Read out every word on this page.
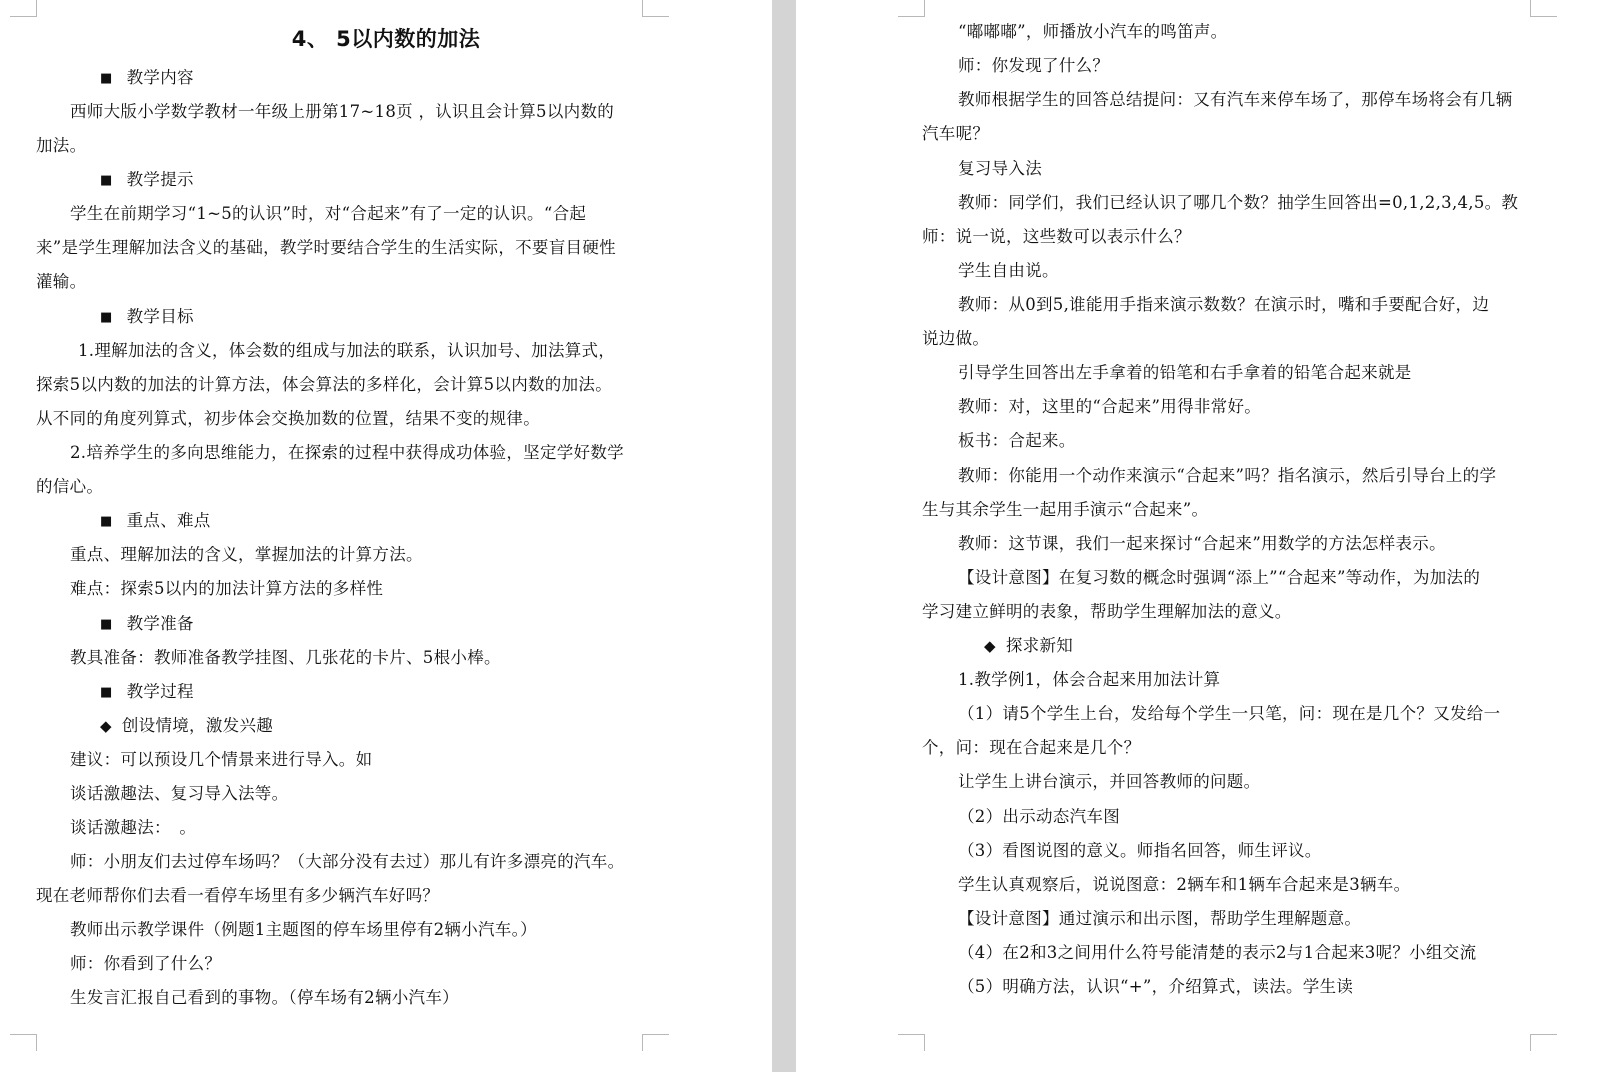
4、 5以内数的加法
■ 教学内容
西师大版小学数学教材一年级上册第17~18页 ，认识且会计算5以内数的
加法。
■ 教学提示
学生在前期学习“1~5的认识”时，对“合起来”有了一定的认识。“合起
来”是学生理解加法含义的基础，教学时要结合学生的生活实际，不要盲目硬性
灌输。
■ 教学目标
1.理解加法的含义，体会数的组成与加法的联系，认识加号、加法算式，
探索5以内数的加法的计算方法，体会算法的多样化，会计算5以内数的加法。
从不同的角度列算式，初步体会交换加数的位置，结果不变的规律。
2.培养学生的多向思维能力，在探索的过程中获得成功体验，坚定学好数学
的信心。
■ 重点、难点
重点、理解加法的含义，掌握加法的计算方法。
难点：探索5以内的加法计算方法的多样性
■ 教学准备
教具准备：教师准备教学挂图、几张花的卡片、5根小棒。
■ 教学过程
◆ 创设情境，激发兴趣
建议：可以预设几个情景来进行导入。如
谈话激趣法、复习导入法等。
谈话激趣法：　。
师：小朋友们去过停车场吗？（大部分没有去过）那儿有许多漂亮的汽车。
现在老师帮你们去看一看停车场里有多少辆汽车好吗？
教师出示教学课件（例题1主题图的停车场里停有2辆小汽车。）
师：你看到了什么？
生发言汇报自己看到的事物。（停车场有2辆小汽车）
“嘟嘟嘟”，师播放小汽车的鸣笛声。
师：你发现了什么？
教师根据学生的回答总结提问：又有汽车来停车场了，那停车场将会有几辆
汽车呢？
复习导入法
教师：同学们，我们已经认识了哪几个数？抽学生回答出=0,1,2,3,4,5。教
师：说一说，这些数可以表示什么？
学生自由说。
教师：从0到5,谁能用手指来演示数数？在演示时，嘴和手要配合好，边
说边做。
引导学生回答出左手拿着的铅笔和右手拿着的铅笔合起来就是
教师：对，这里的“合起来”用得非常好。
板书：合起来。
教师：你能用一个动作来演示“合起来”吗？指名演示，然后引导台上的学
生与其余学生一起用手演示“合起来”。
教师：这节课，我们一起来探讨“合起来”用数学的方法怎样表示。
【设计意图】在复习数的概念时强调“添上”“合起来”等动作，为加法的
学习建立鲜明的表象，帮助学生理解加法的意义。
◆ 探求新知
1.教学例1，体会合起来用加法计算
（1）请5个学生上台，发给每个学生一只笔，问：现在是几个？又发给一
个，问：现在合起来是几个？
让学生上讲台演示，并回答教师的问题。
（2）出示动态汽车图
（3）看图说图的意义。师指名回答，师生评议。
学生认真观察后，说说图意：2辆车和1辆车合起来是3辆车。
【设计意图】通过演示和出示图，帮助学生理解题意。
（4）在2和3之间用什么符号能清楚的表示2与1合起来3呢？小组交流
（5）明确方法，认识“+”，介绍算式，读法。学生读
